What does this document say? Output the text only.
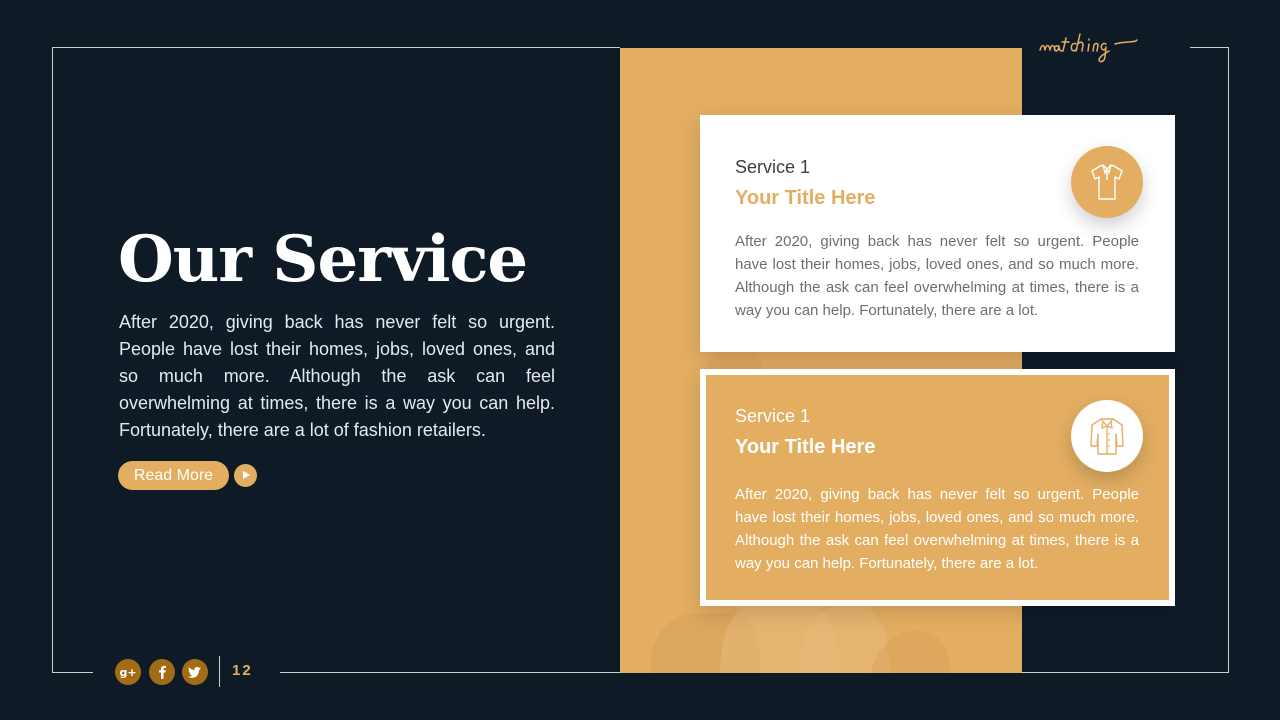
Our Service
After 2020, giving back has never felt so urgent. People have lost their homes, jobs, loved ones, and so much more. Although the ask can feel overwhelming at times, there is a way you can help. Fortunately, there are a lot of fashion retailers.
Read More
Service 1
Your Title Here
After 2020, giving back has never felt so urgent. People have lost their homes, jobs, loved ones, and so much more. Although the ask can feel overwhelming at times, there is a way you can help. Fortunately, there are a lot.
Service 1
Your Title Here
After 2020, giving back has never felt so urgent. People have lost their homes, jobs, loved ones, and so much more. Although the ask can feel overwhelming at times, there is a way you can help. Fortunately, there are a lot.
g+	12
